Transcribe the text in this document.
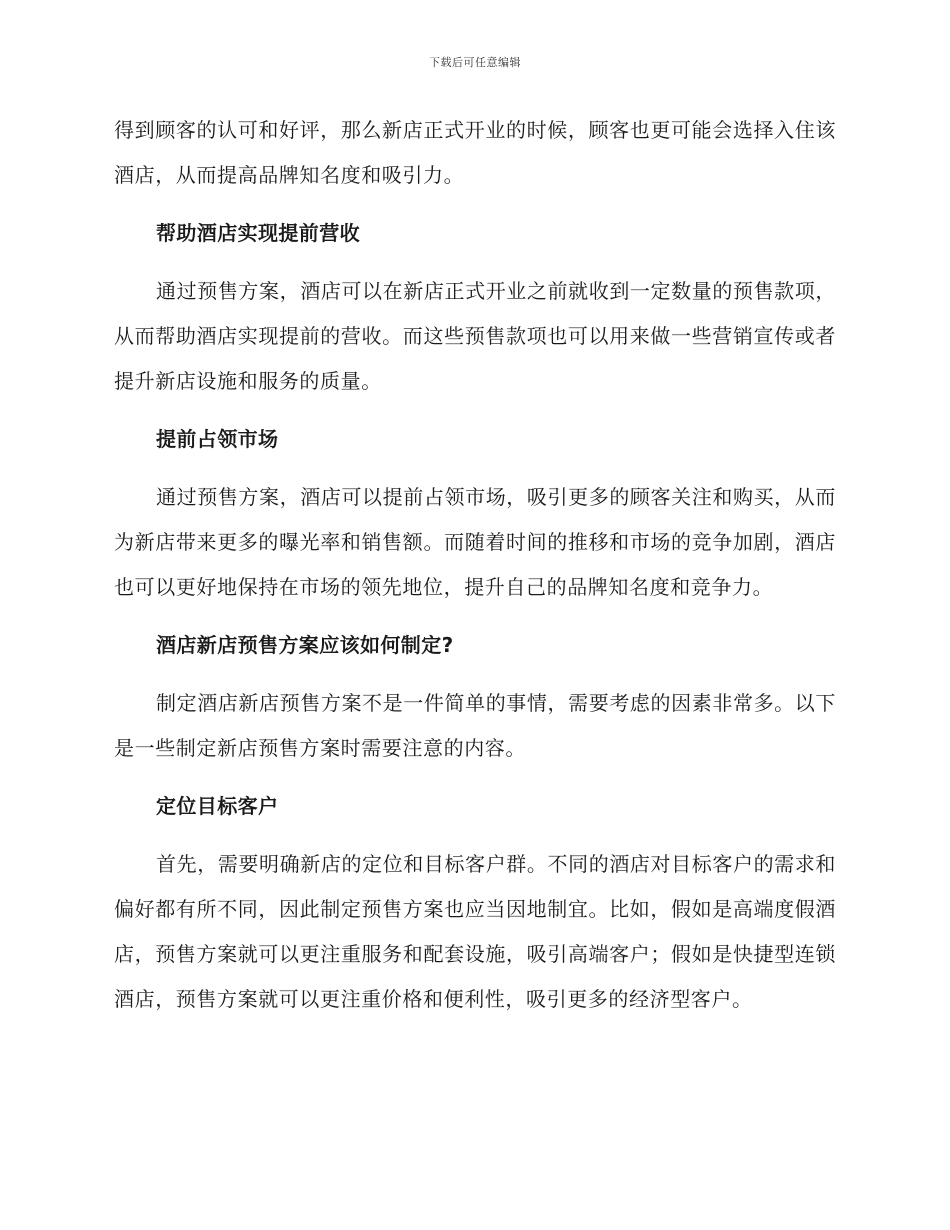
下载后可任意编辑

得到顾客的认可和好评，那么新店正式开业的时候，顾客也更可能会选择入住该酒店，从而提高品牌知名度和吸引力。

帮助酒店实现提前营收

通过预售方案，酒店可以在新店正式开业之前就收到一定数量的预售款项，从而帮助酒店实现提前的营收。而这些预售款项也可以用来做一些营销宣传或者提升新店设施和服务的质量。

提前占领市场

通过预售方案，酒店可以提前占领市场，吸引更多的顾客关注和购买，从而为新店带来更多的曝光率和销售额。而随着时间的推移和市场的竞争加剧，酒店也可以更好地保持在市场的领先地位，提升自己的品牌知名度和竞争力。

酒店新店预售方案应该如何制定?

制定酒店新店预售方案不是一件简单的事情，需要考虑的因素非常多。以下是一些制定新店预售方案时需要注意的内容。

定位目标客户

首先，需要明确新店的定位和目标客户群。不同的酒店对目标客户的需求和偏好都有所不同，因此制定预售方案也应当因地制宜。比如，假如是高端度假酒店，预售方案就可以更注重服务和配套设施，吸引高端客户；假如是快捷型连锁酒店，预售方案就可以更注重价格和便利性，吸引更多的经济型客户。
